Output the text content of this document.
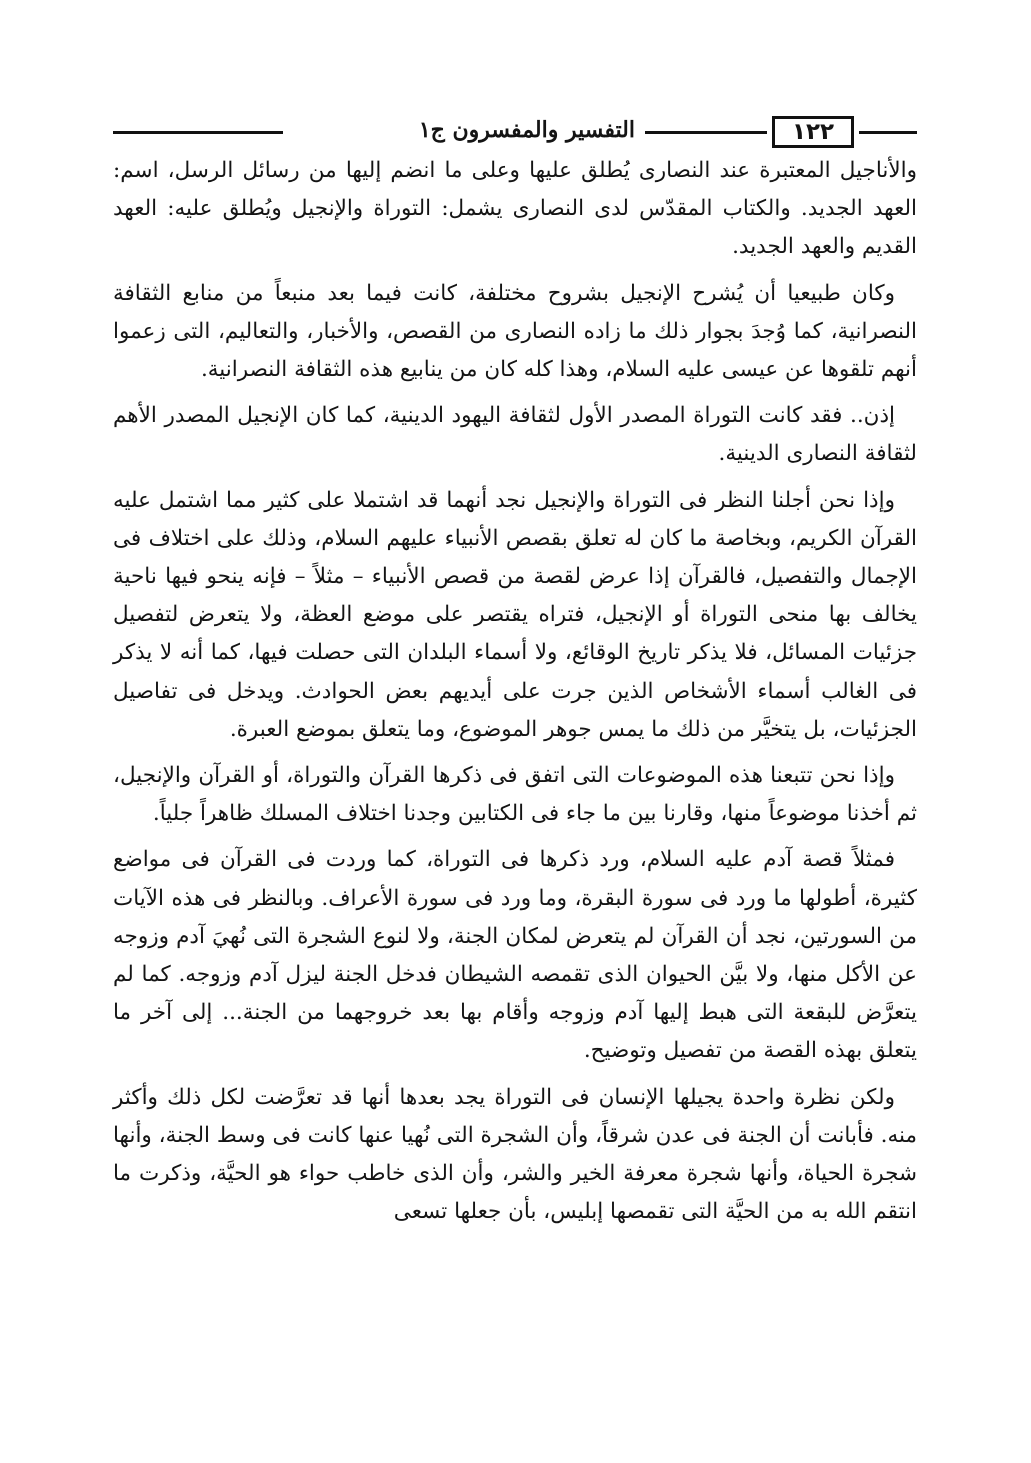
١٢٢
التفسير والمفسرون ج١

والأناجيل المعتبرة عند النصارى يُطلق عليها وعلى ما انضم إليها من رسائل الرسل، اسم: العهد الجديد. والكتاب المقدّس لدى النصارى يشمل: التوراة والإنجيل ويُطلق عليه: العهد القديم والعهد الجديد.

وكان طبيعيا أن يُشرح الإنجيل بشروح مختلفة، كانت فيما بعد منبعاً من منابع الثقافة النصرانية، كما وُجدَ بجوار ذلك ما زاده النصارى من القصص، والأخبار، والتعاليم، التى زعموا أنهم تلقوها عن عيسى عليه السلام، وهذا كله كان من ينابيع هذه الثقافة النصرانية.

إذن.. فقد كانت التوراة المصدر الأول لثقافة اليهود الدينية، كما كان الإنجيل المصدر الأهم لثقافة النصارى الدينية.

وإذا نحن أجلنا النظر فى التوراة والإنجيل نجد أنهما قد اشتملا على كثير مما اشتمل عليه القرآن الكريم، وبخاصة ما كان له تعلق بقصص الأنبياء عليهم السلام، وذلك على اختلاف فى الإجمال والتفصيل، فالقرآن إذا عرض لقصة من قصص الأنبياء – مثلاً – فإنه ينحو فيها ناحية يخالف بها منحى التوراة أو الإنجيل، فتراه يقتصر على موضع العظة، ولا يتعرض لتفصيل جزئيات المسائل، فلا يذكر تاريخ الوقائع، ولا أسماء البلدان التى حصلت فيها، كما أنه لا يذكر فى الغالب أسماء الأشخاص الذين جرت على أيديهم بعض الحوادث. ويدخل فى تفاصيل الجزئيات، بل يتخيَّر من ذلك ما يمس جوهر الموضوع، وما يتعلق بموضع العبرة.

وإذا نحن تتبعنا هذه الموضوعات التى اتفق فى ذكرها القرآن والتوراة، أو القرآن والإنجيل، ثم أخذنا موضوعاً منها، وقارنا بين ما جاء فى الكتابين وجدنا اختلاف المسلك ظاهراً جلياً.

فمثلاً قصة آدم عليه السلام، ورد ذكرها فى التوراة، كما وردت فى القرآن فى مواضع كثيرة، أطولها ما ورد فى سورة البقرة، وما ورد فى سورة الأعراف. وبالنظر فى هذه الآيات من السورتين، نجد أن القرآن لم يتعرض لمكان الجنة، ولا لنوع الشجرة التى نُهيَ آدم وزوجه عن الأكل منها، ولا بيَّن الحيوان الذى تقمصه الشيطان فدخل الجنة ليزل آدم وزوجه. كما لم يتعرَّض للبقعة التى هبط إليها آدم وزوجه وأقام بها بعد خروجهما من الجنة... إلى آخر ما يتعلق بهذه القصة من تفصيل وتوضيح.

ولكن نظرة واحدة يجيلها الإنسان فى التوراة يجد بعدها أنها قد تعرَّضت لكل ذلك وأكثر منه. فأبانت أن الجنة فى عدن شرقاً، وأن الشجرة التى نُهيا عنها كانت فى وسط الجنة، وأنها شجرة الحياة، وأنها شجرة معرفة الخير والشر، وأن الذى خاطب حواء هو الحيَّة، وذكرت ما انتقم الله به من الحيَّة التى تقمصها إبليس، بأن جعلها تسعى
